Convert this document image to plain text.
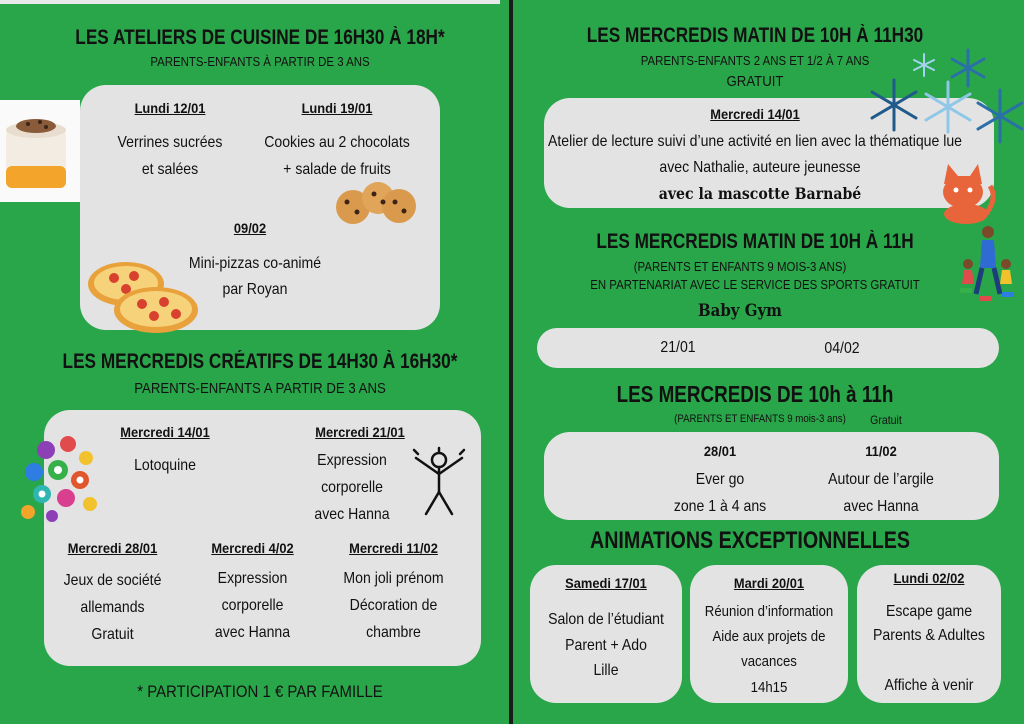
LES ATELIERS DE CUISINE DE 16H30 À 18H*
PARENTS-ENFANTS À PARTIR DE 3 ANS
Lundi 12/01
Verrines sucrées
et salées
Lundi 19/01
Cookies au 2 chocolats
+ salade de fruits
09/02
Mini-pizzas co-animé
par Royan
LES MERCREDIS CRÉATIFS DE 14H30 À 16H30*
PARENTS-ENFANTS A PARTIR DE 3 ANS
Mercredi 14/01
Lotoquine
Mercredi 21/01
Expression
corporelle
avec Hanna
Mercredi 28/01
Jeux de société
allemands
Gratuit
Mercredi 4/02
Expression
corporelle
avec Hanna
Mercredi 11/02
Mon joli prénom
Décoration de
chambre
* PARTICIPATION 1 € PAR FAMILLE
LES MERCREDIS MATIN DE 10H À 11H30
PARENTS-ENFANTS 2 ANS ET 1/2 À 7 ANS
GRATUIT
Mercredi 14/01
Atelier de lecture suivi d’une activité en lien avec la thématique lue
avec Nathalie, auteure jeunesse
avec la mascotte Barnabé
LES MERCREDIS MATIN DE 10H À 11H
(PARENTS ET ENFANTS 9 MOIS-3 ANS)
EN PARTENARIAT AVEC LE SERVICE DES SPORTS GRATUIT
Baby Gym
21/01	04/02
LES MERCREDIS DE 10h à 11h
(PARENTS ET ENFANTS 9 mois-3 ans)	Gratuit
28/01
Ever go
zone 1 à 4 ans
11/02
Autour de l’argile
avec Hanna
ANIMATIONS EXCEPTIONNELLES
Samedi 17/01
Salon de l’étudiant
Parent + Ado
Lille
Mardi 20/01
Réunion d’information
Aide aux projets de
vacances
14h15
Lundi 02/02
Escape game
Parents & Adultes
Affiche à venir
